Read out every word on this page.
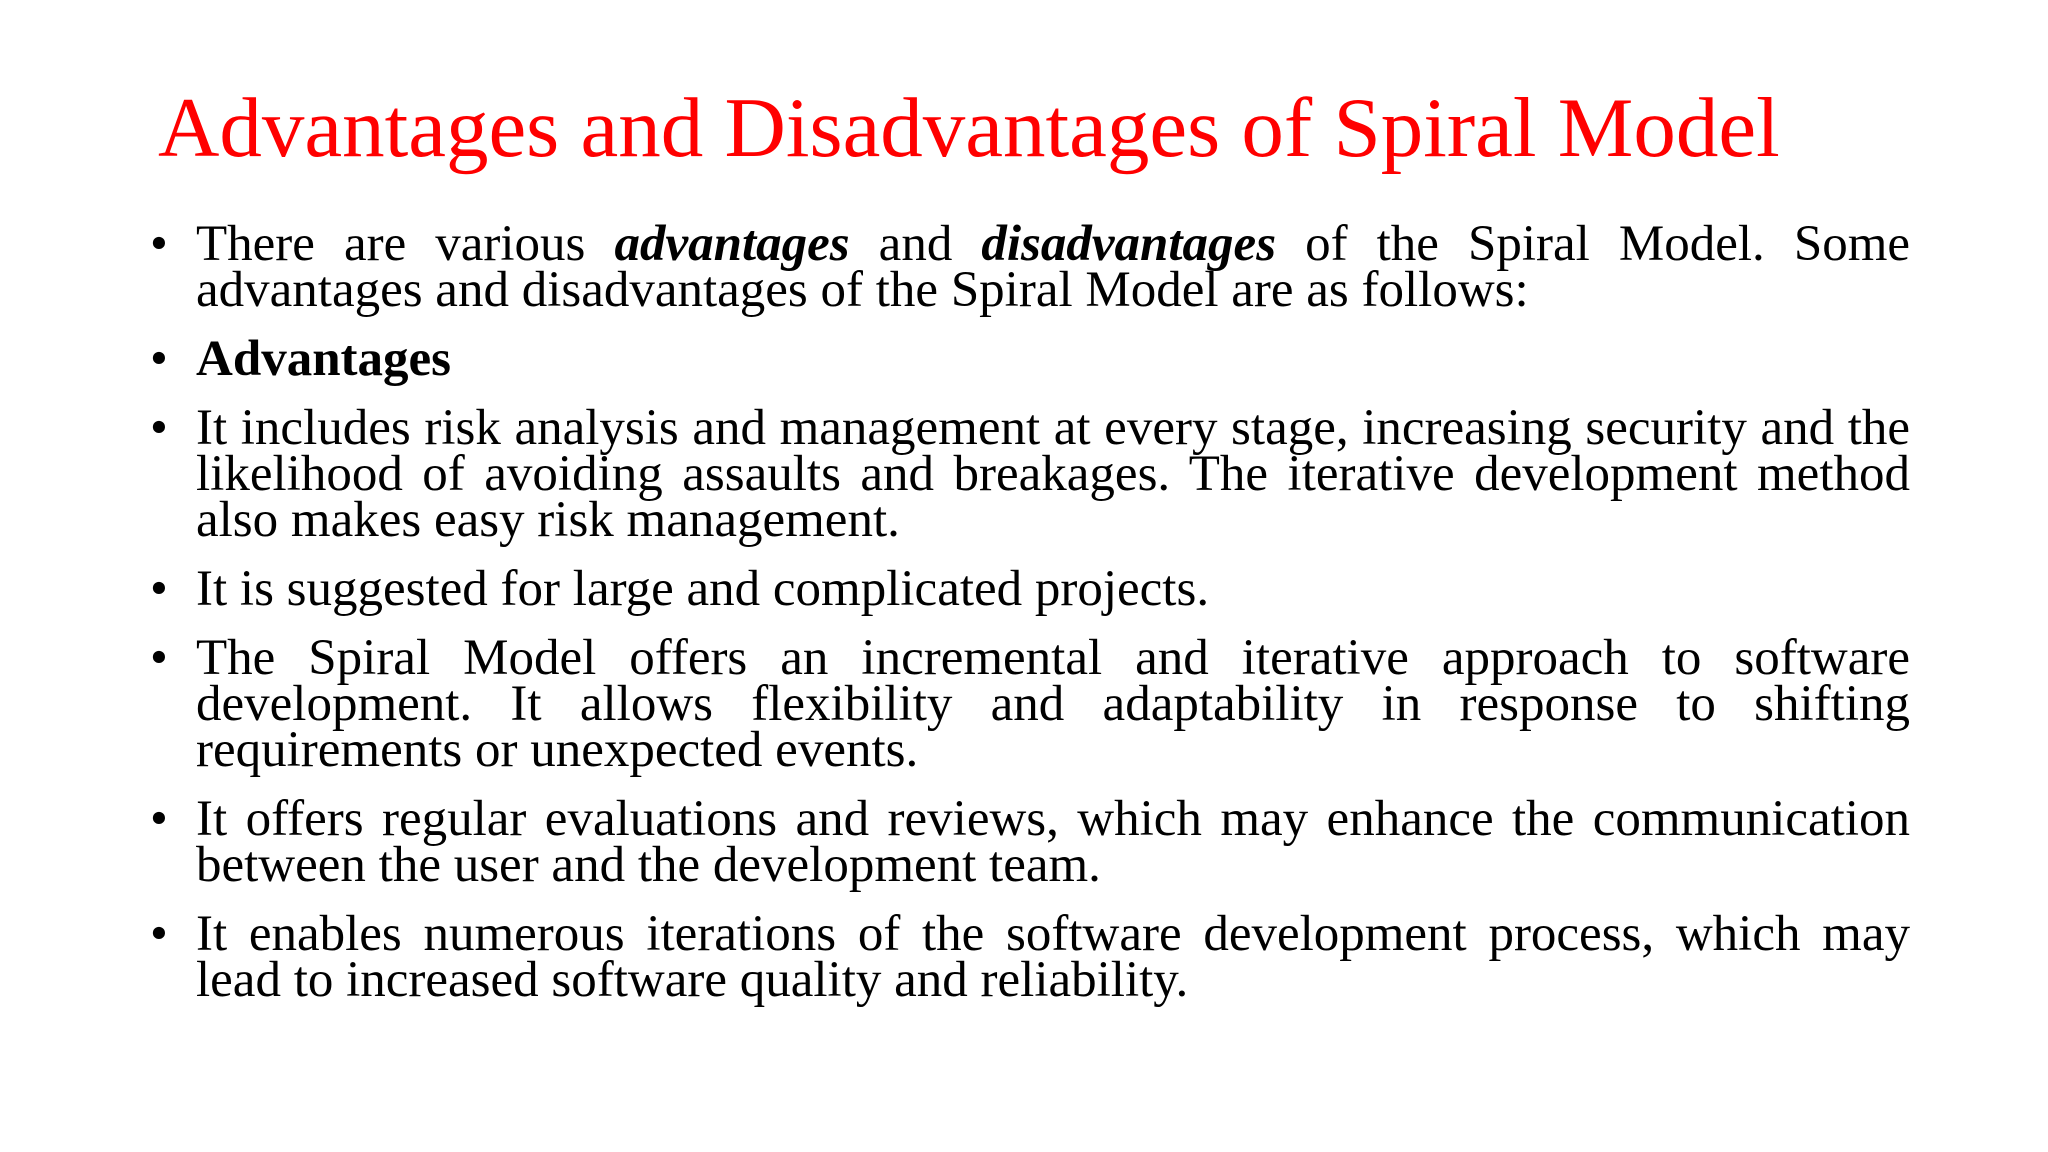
Advantages and Disadvantages of Spiral Model
• There are various advantages and disadvantages of the Spiral Model. Some advantages and disadvantages of the Spiral Model are as follows:
• Advantages
• It includes risk analysis and management at every stage, increasing security and the likelihood of avoiding assaults and breakages. The iterative development method also makes easy risk management.
• It is suggested for large and complicated projects.
• The Spiral Model offers an incremental and iterative approach to software development. It allows flexibility and adaptability in response to shifting requirements or unexpected events.
• It offers regular evaluations and reviews, which may enhance the communication between the user and the development team.
• It enables numerous iterations of the software development process, which may lead to increased software quality and reliability.
